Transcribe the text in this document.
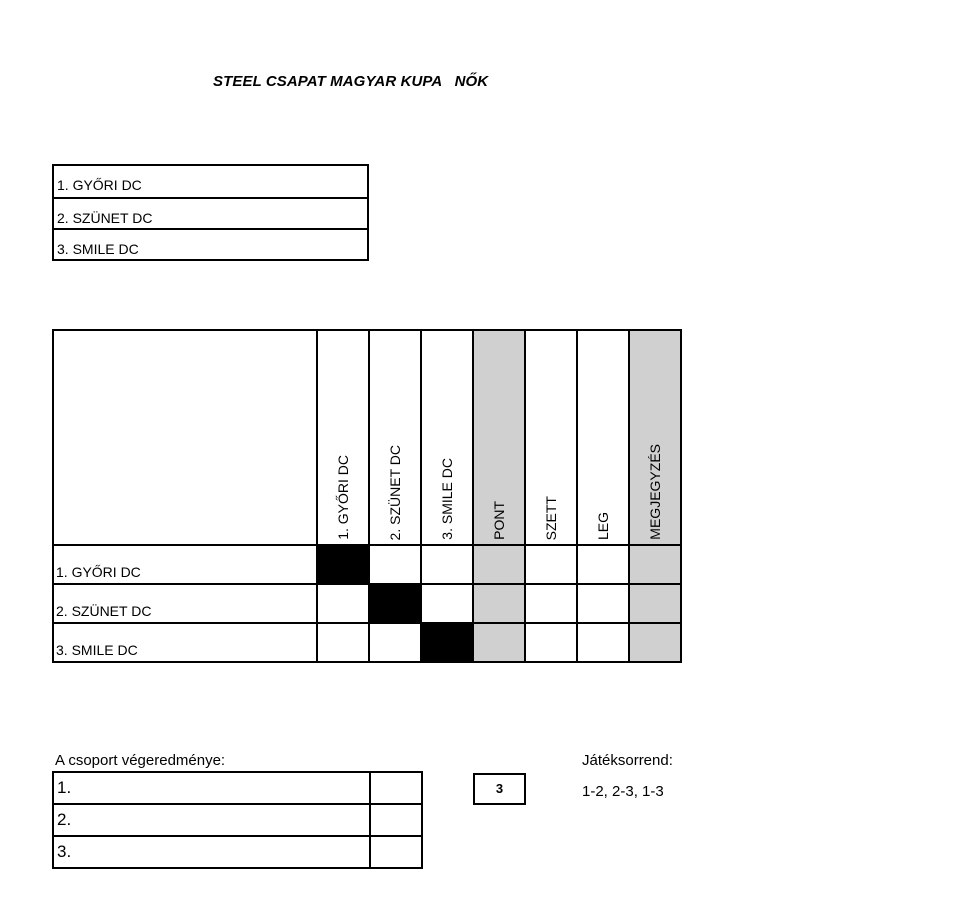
STEEL CSAPAT MAGYAR KUPA   NŐK
1. GYŐRI DC
2. SZÜNET DC
3. SMILE DC

	1. GYŐRI DC	2. SZÜNET DC	3. SMILE DC	PONT	SZETT	LEG	MEGJEGYZÉS

1. GYŐRI DC							
2. SZÜNET DC							
3. SMILE DC							
A csoport végeredménye:
1.	
2.	
3.	
3
Játéksorrend:
1-2, 2-3, 1-3
